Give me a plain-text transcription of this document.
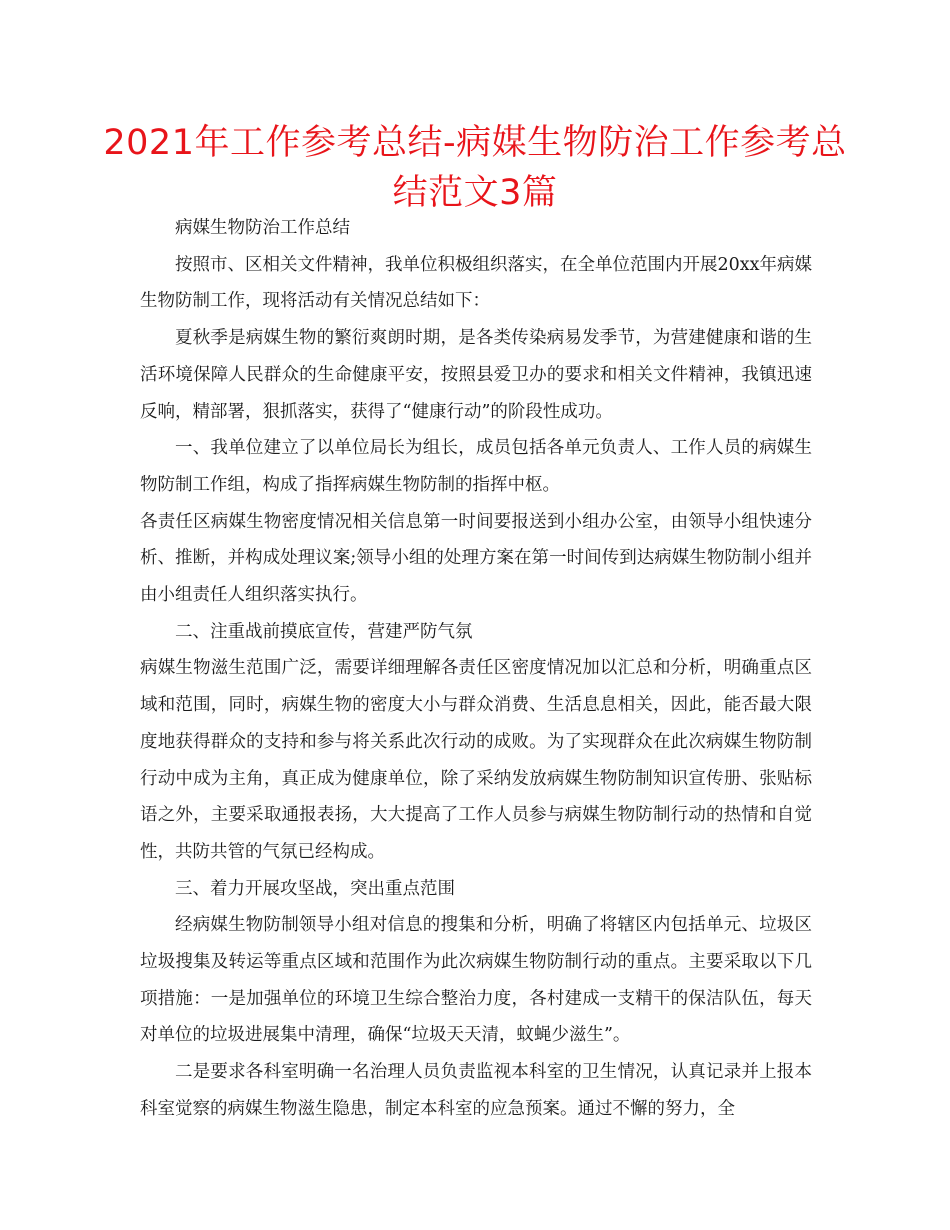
2021年工作参考总结-病媒生物防治工作参考总结范文3篇

病媒生物防治工作总结

按照市、区相关文件精神，我单位积极组织落实，在全单位范围内开展20xx年病媒生物防制工作，现将活动有关情况总结如下：

夏秋季是病媒生物的繁衍爽朗时期，是各类传染病易发季节，为营建健康和谐的生活环境保障人民群众的生命健康平安，按照县爱卫办的要求和相关文件精神，我镇迅速反响，精部署，狠抓落实，获得了“健康行动”的阶段性成功。

一、我单位建立了以单位局长为组长，成员包括各单元负责人、工作人员的病媒生物防制工作组，构成了指挥病媒生物防制的指挥中枢。

各责任区病媒生物密度情况相关信息第一时间要报送到小组办公室，由领导小组快速分析、推断，并构成处理议案;领导小组的处理方案在第一时间传到达病媒生物防制小组并由小组责任人组织落实执行。

二、注重战前摸底宣传，营建严防气氛

病媒生物滋生范围广泛，需要详细理解各责任区密度情况加以汇总和分析，明确重点区域和范围，同时，病媒生物的密度大小与群众消费、生活息息相关，因此，能否最大限度地获得群众的支持和参与将关系此次行动的成败。为了实现群众在此次病媒生物防制行动中成为主角，真正成为健康单位，除了采纳发放病媒生物防制知识宣传册、张贴标语之外，主要采取通报表扬，大大提高了工作人员参与病媒生物防制行动的热情和自觉性，共防共管的气氛已经构成。

三、着力开展攻坚战，突出重点范围

经病媒生物防制领导小组对信息的搜集和分析，明确了将辖区内包括单元、垃圾区垃圾搜集及转运等重点区域和范围作为此次病媒生物防制行动的重点。主要采取以下几项措施：一是加强单位的环境卫生综合整治力度，各村建成一支精干的保洁队伍，每天对单位的垃圾进展集中清理，确保“垃圾天天清，蚊蝇少滋生”。

二是要求各科室明确一名治理人员负责监视本科室的卫生情况，认真记录并上报本科室觉察的病媒生物滋生隐患，制定本科室的应急预案。通过不懈的努力，全
